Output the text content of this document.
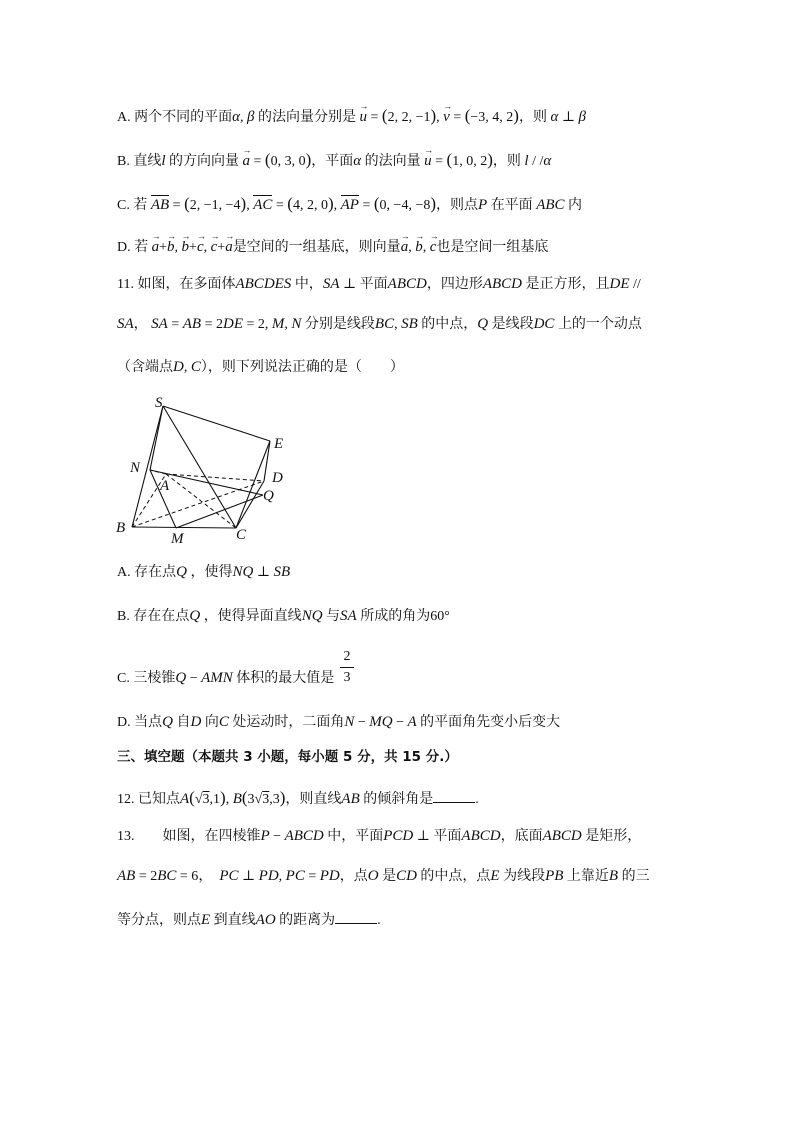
A. 两个不同的平面α, β 的法向量分别是 → u = (2, 2, −1), → v = (−3, 4, 2)，则 α ⊥ β
B. 直线l 的方向向量 → a = (0, 3, 0)，平面α 的法向量 → u = (1, 0, 2)，则 l / /α
C. 若 AB = (2, −1, −4), AC = (4, 2, 0), AP = (0, −4, −8)，则点P 在平面 ABC 内
D. 若 → a+→ b, → b+→ c, → c+→ a是空间的一组基底，则向量→ a, → b, → c也是空间一组基底
11. 如图，在多面体ABCDES 中，SA ⊥ 平面ABCD，四边形ABCD 是正方形，且DE //
SA， SA = AB = 2DE = 2, M, N 分别是线段BC, SB 的中点，Q 是线段DC 上的一个动点
（含端点D, C），则下列说法正确的是（　　）
S
E
N
A	D
Q
B
M	C
A. 存在点Q ，使得NQ ⊥ SB
B. 存在在点Q ，使得异面直线NQ 与SA 所成的角为60°
C. 三棱锥Q − AMN 体积的最大值是
2
3
D. 当点Q 自D 向C 处运动时，二面角N − MQ − A 的平面角先变小后变大
三、填空题（本题共 3 小题，每小题 5 分，共 15 分.）
12. 已知点A(√3,1), B(3√3,3)，则直线AB 的倾斜角是	.
13. 如图，在四棱锥P − ABCD 中，平面PCD ⊥ 平面ABCD，底面ABCD 是矩形，
AB = 2BC = 6， PC ⊥ PD, PC = PD，点O 是CD 的中点，点E 为线段PB 上靠近B 的三
等分点，则点E 到直线AO 的距离为	.
